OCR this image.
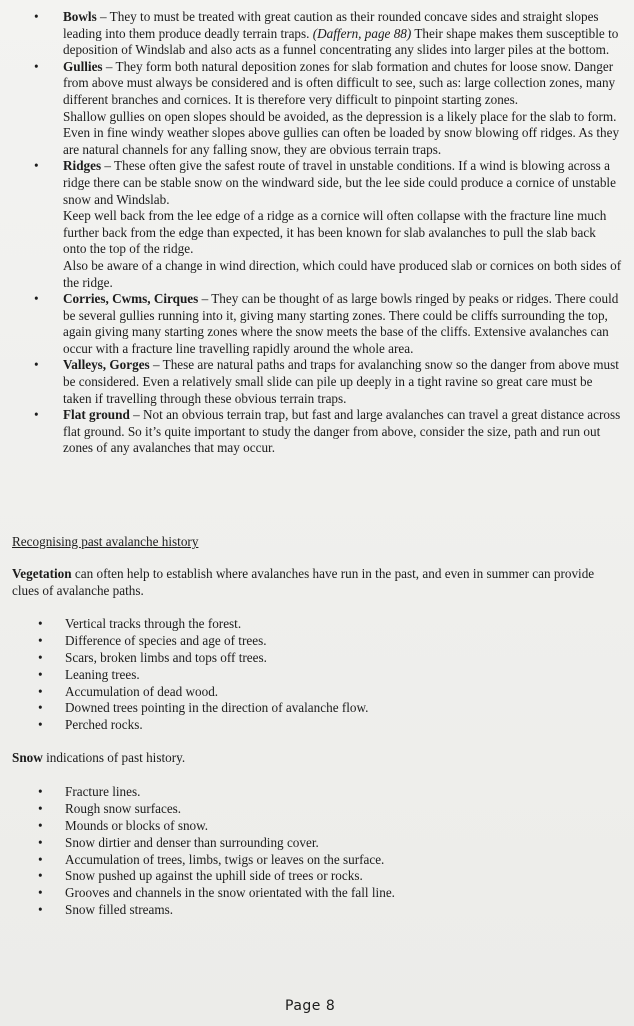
• Bowls – They to must be treated with great caution as their rounded concave sides and straight slopes leading into them produce deadly terrain traps. (Daffern, page 88) Their shape makes them susceptible to deposition of Windslab and also acts as a funnel concentrating any slides into larger piles at the bottom.
• Gullies – They form both natural deposition zones for slab formation and chutes for loose snow. Danger from above must always be considered and is often difficult to see, such as: large collection zones, many different branches and cornices. It is therefore very difficult to pinpoint starting zones.
Shallow gullies on open slopes should be avoided, as the depression is a likely place for the slab to form. Even in fine windy weather slopes above gullies can often be loaded by snow blowing off ridges. As they are natural channels for any falling snow, they are obvious terrain traps.
• Ridges – These often give the safest route of travel in unstable conditions. If a wind is blowing across a ridge there can be stable snow on the windward side, but the lee side could produce a cornice of unstable snow and Windslab.
Keep well back from the lee edge of a ridge as a cornice will often collapse with the fracture line much further back from the edge than expected, it has been known for slab avalanches to pull the slab back onto the top of the ridge.
Also be aware of a change in wind direction, which could have produced slab or cornices on both sides of the ridge.
• Corries, Cwms, Cirques – They can be thought of as large bowls ringed by peaks or ridges. There could be several gullies running into it, giving many starting zones. There could be cliffs surrounding the top, again giving many starting zones where the snow meets the base of the cliffs. Extensive avalanches can occur with a fracture line travelling rapidly around the whole area.
• Valleys, Gorges – These are natural paths and traps for avalanching snow so the danger from above must be considered. Even a relatively small slide can pile up deeply in a tight ravine so great care must be taken if travelling through these obvious terrain traps.
• Flat ground – Not an obvious terrain trap, but fast and large avalanches can travel a great distance across flat ground. So it’s quite important to study the danger from above, consider the size, path and run out zones of any avalanches that may occur.
Recognising past avalanche history
Vegetation can often help to establish where avalanches have run in the past, and even in summer can provide clues of avalanche paths.
• Vertical tracks through the forest.
• Difference of species and age of trees.
• Scars, broken limbs and tops off trees.
• Leaning trees.
• Accumulation of dead wood.
• Downed trees pointing in the direction of avalanche flow.
• Perched rocks.
Snow indications of past history.
• Fracture lines.
• Rough snow surfaces.
• Mounds or blocks of snow.
• Snow dirtier and denser than surrounding cover.
• Accumulation of trees, limbs, twigs or leaves on the surface.
• Snow pushed up against the uphill side of trees or rocks.
• Grooves and channels in the snow orientated with the fall line.
• Snow filled streams.
Page 8
